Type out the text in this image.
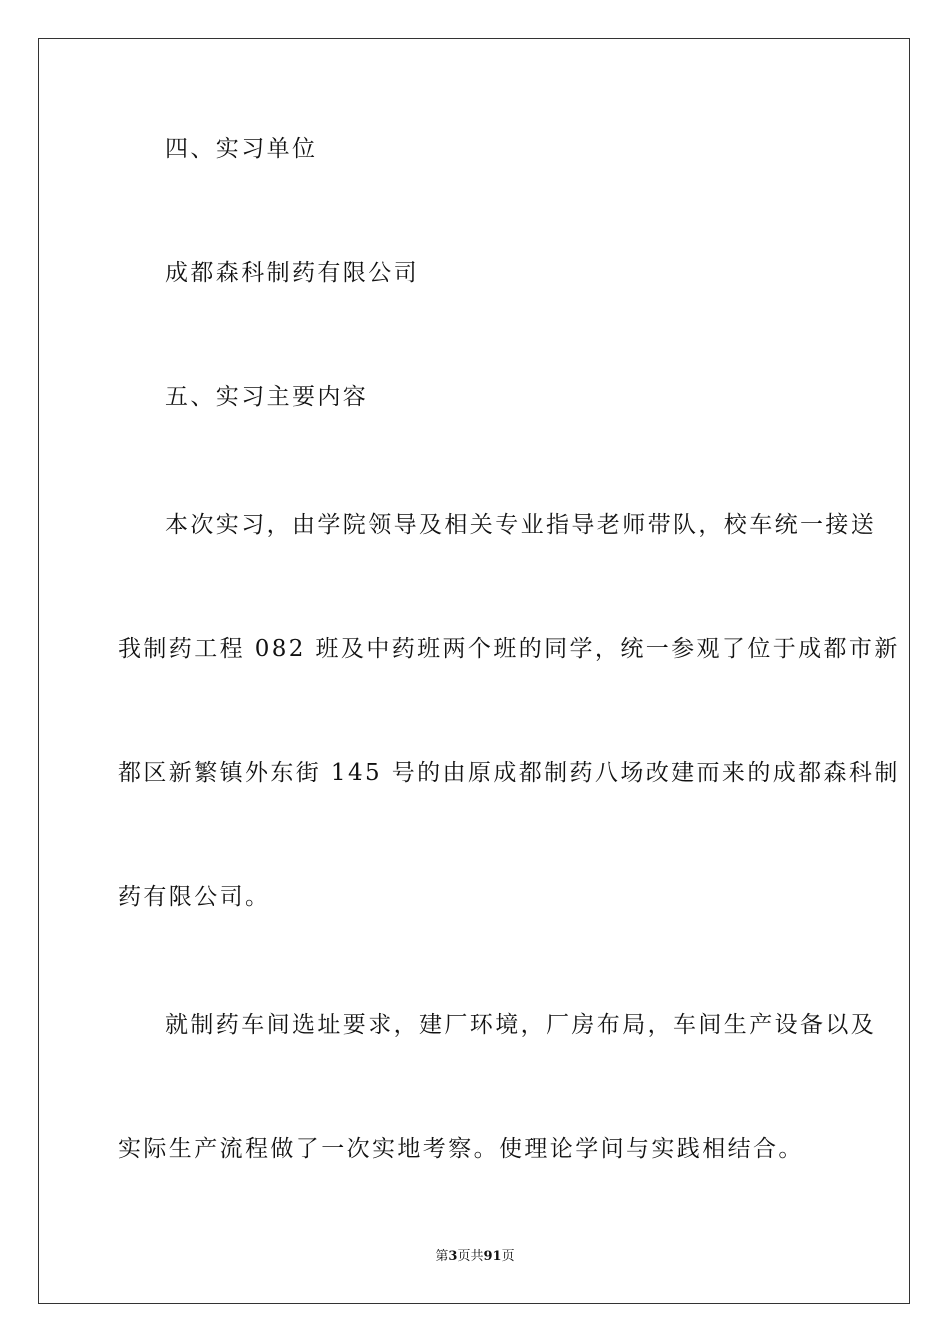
四、实习单位
成都森科制药有限公司
五、实习主要内容
本次实习，由学院领导及相关专业指导老师带队，校车统一接送
我制药工程 082 班及中药班两个班的同学，统一参观了位于成都市新
都区新繁镇外东街 145 号的由原成都制药八场改建而来的成都森科制
药有限公司。
就制药车间选址要求，建厂环境，厂房布局，车间生产设备以及
实际生产流程做了一次实地考察。使理论学问与实践相结合。
第3页共91页
